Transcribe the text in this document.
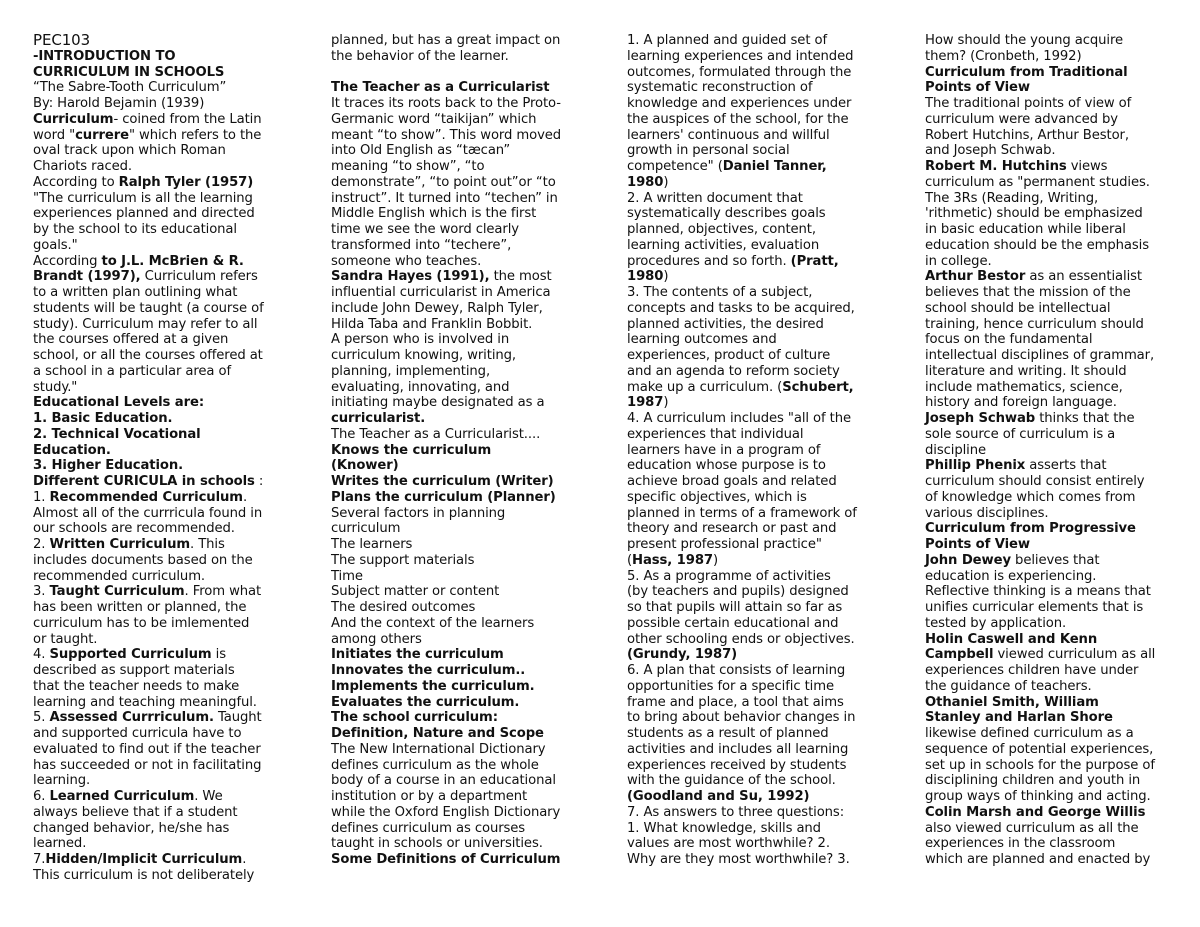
PEC103
-INTRODUCTION TO
CURRICULUM IN SCHOOLS
“The Sabre-Tooth Curriculum”
By: Harold Bejamin (1939)
Curriculum- coined from the Latin
word "currere" which refers to the
oval track upon which Roman
Chariots raced.
According to Ralph Tyler (1957)
"The curriculum is all the learning
experiences planned and directed
by the school to its educational
goals."
According to J.L. McBrien & R.
Brandt (1997), Curriculum refers
to a written plan outlining what
students will be taught (a course of
study). Curriculum may refer to all
the courses offered at a given
school, or all the courses offered at
a school in a particular area of
study."
Educational Levels are:
1. Basic Education.
2. Technical Vocational
Education.
3. Higher Education.
Different CURICULA in schools :
1. Recommended Curriculum.
Almost all of the currricula found in
our schools are recommended.
2. Written Curriculum. This
includes documents based on the
recommended curriculum.
3. Taught Curriculum. From what
has been written or planned, the
curriculum has to be imlemented
or taught.
4. Supported Curriculum is
described as support materials
that the teacher needs to make
learning and teaching meaningful.
5. Assessed Currriculum. Taught
and supported curricula have to
evaluated to find out if the teacher
has succeeded or not in facilitating
learning.
6. Learned Curriculum. We
always believe that if a student
changed behavior, he/she has
learned.
7.Hidden/Implicit Curriculum.
This curriculum is not deliberately
planned, but has a great impact on
the behavior of the learner.

The Teacher as a Curricularist
It traces its roots back to the Proto-
Germanic word “taikijan” which
meant “to show”. This word moved
into Old English as “tæcan”
meaning “to show”, “to
demonstrate”, “to point out”or “to
instruct”. It turned into “techen” in
Middle English which is the first
time we see the word clearly
transformed into “techere”,
someone who teaches.
Sandra Hayes (1991), the most
influential curricularist in America
include John Dewey, Ralph Tyler,
Hilda Taba and Franklin Bobbit.
A person who is involved in
curriculum knowing, writing,
planning, implementing,
evaluating, innovating, and
initiating maybe designated as a
curricularist.
The Teacher as a Curricularist....
Knows the curriculum
(Knower)
Writes the curriculum (Writer)
Plans the curriculum (Planner)
Several factors in planning
curriculum
The learners
The support materials
Time
Subject matter or content
The desired outcomes
And the context of the learners
among others
Initiates the curriculum
Innovates the curriculum..
Implements the curriculum.
Evaluates the curriculum.
The school curriculum:
Definition, Nature and Scope
The New International Dictionary
defines curriculum as the whole
body of a course in an educational
institution or by a department
while the Oxford English Dictionary
defines curriculum as courses
taught in schools or universities.
Some Definitions of Curriculum
1. A planned and guided set of
learning experiences and intended
outcomes, formulated through the
systematic reconstruction of
knowledge and experiences under
the auspices of the school, for the
learners' continuous and willful
growth in personal social
competence" (Daniel Tanner,
1980)
2. A written document that
systematically describes goals
planned, objectives, content,
learning activities, evaluation
procedures and so forth. (Pratt,
1980)
3. The contents of a subject,
concepts and tasks to be acquired,
planned activities, the desired
learning outcomes and
experiences, product of culture
and an agenda to reform society
make up a curriculum. (Schubert,
1987)
4. A curriculum includes "all of the
experiences that individual
learners have in a program of
education whose purpose is to
achieve broad goals and related
specific objectives, which is
planned in terms of a framework of
theory and research or past and
present professional practice"
(Hass, 1987)
5. As a programme of activities
(by teachers and pupils) designed
so that pupils will attain so far as
possible certain educational and
other schooling ends or objectives.
(Grundy, 1987)
6. A plan that consists of learning
opportunities for a specific time
frame and place, a tool that aims
to bring about behavior changes in
students as a result of planned
activities and includes all learning
experiences received by students
with the guidance of the school.
(Goodland and Su, 1992)
7. As answers to three questions:
1. What knowledge, skills and
values are most worthwhile? 2.
Why are they most worthwhile? 3.
How should the young acquire
them? (Cronbeth, 1992)
Curriculum from Traditional
Points of View
The traditional points of view of
curriculum were advanced by
Robert Hutchins, Arthur Bestor,
and Joseph Schwab.
Robert M. Hutchins views
curriculum as "permanent studies.
The 3Rs (Reading, Writing,
'rithmetic) should be emphasized
in basic education while liberal
education should be the emphasis
in college.
Arthur Bestor as an essentialist
believes that the mission of the
school should be intellectual
training, hence curriculum should
focus on the fundamental
intellectual disciplines of grammar,
literature and writing. It should
include mathematics, science,
history and foreign language.
Joseph Schwab thinks that the
sole source of curriculum is a
discipline
Phillip Phenix asserts that
curriculum should consist entirely
of knowledge which comes from
various disciplines.
Curriculum from Progressive
Points of View
John Dewey believes that
education is experiencing.
Reflective thinking is a means that
unifies curricular elements that is
tested by application.
Holin Caswell and Kenn
Campbell viewed curriculum as all
experiences children have under
the guidance of teachers.
Othaniel Smith, William
Stanley and Harlan Shore
likewise defined curriculum as a
sequence of potential experiences,
set up in schools for the purpose of
disciplining children and youth in
group ways of thinking and acting.
Colin Marsh and George Willis
also viewed curriculum as all the
experiences in the classroom
which are planned and enacted by
